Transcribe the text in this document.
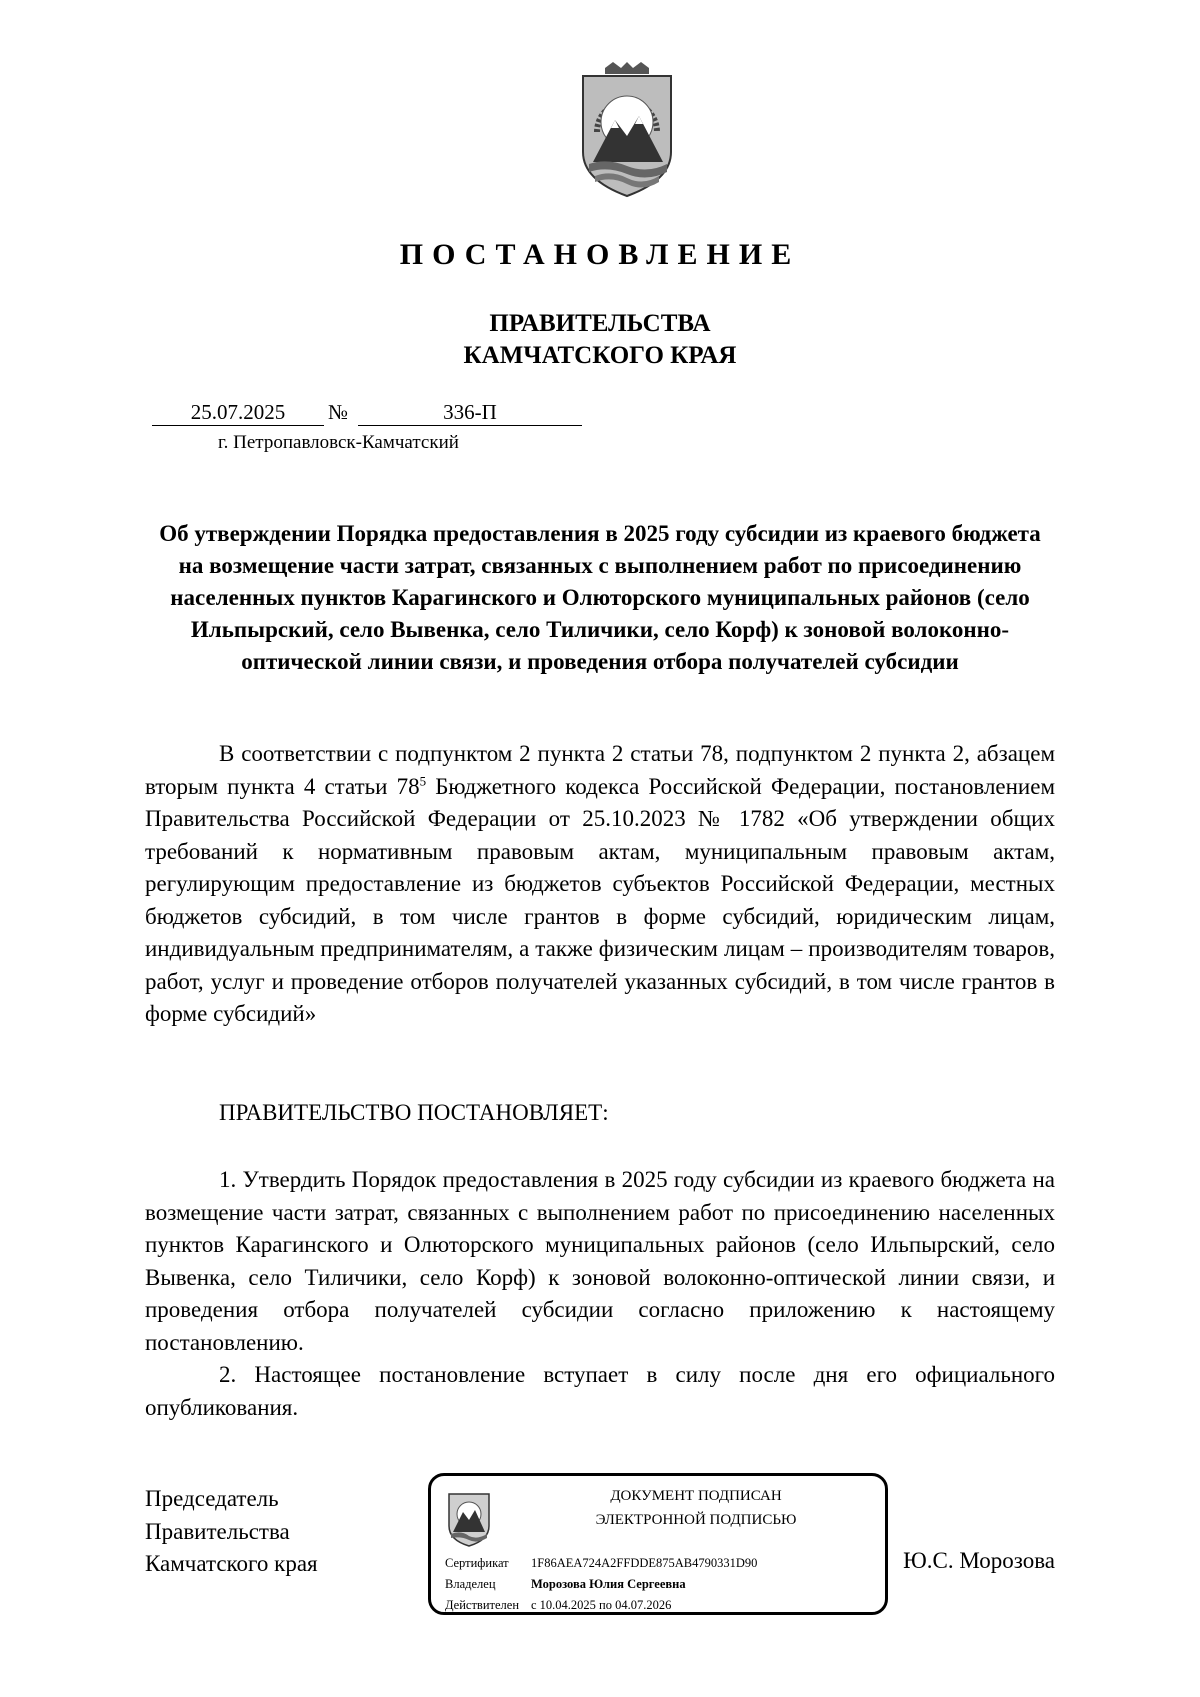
ПОСТАНОВЛЕНИЕ
ПРАВИТЕЛЬСТВА
КАМЧАТСКОГО КРАЯ
25.07.2025	№	336-П
г. Петропавловск-Камчатский
Об утверждении Порядка предоставления в 2025 году субсидии из краевого бюджета на возмещение части затрат, связанных с выполнением работ по присоединению населенных пунктов Карагинского и Олюторского муниципальных районов (село Ильпырский, село Вывенка, село Тиличики, село Корф) к зоновой волоконно-оптической линии связи, и проведения отбора получателей субсидии

В соответствии с подпунктом 2 пункта 2 статьи 78, подпунктом 2 пункта 2, абзацем вторым пункта 4 статьи $78^5$ Бюджетного кодекса Российской Федерации, постановлением Правительства Российской Федерации от 25.10.2023 № 1782 «Об утверждении общих требований к нормативным правовым актам, муниципальным правовым актам, регулирующим предоставление из бюджетов субъектов Российской Федерации, местных бюджетов субсидий, в том числе грантов в форме субсидий, юридическим лицам, индивидуальным предпринимателям, а также физическим лицам – производителям товаров, работ, услуг и проведение отборов получателей указанных субсидий, в том числе грантов в форме субсидий»

ПРАВИТЕЛЬСТВО ПОСТАНОВЛЯЕТ:

1. Утвердить Порядок предоставления в 2025 году субсидии из краевого бюджета на возмещение части затрат, связанных с выполнением работ по присоединению населенных пунктов Карагинского и Олюторского муниципальных районов (село Ильпырский, село Вывенка, село Тиличики, село Корф) к зоновой волоконно-оптической линии связи, и проведения отбора получателей субсидии согласно приложению к настоящему постановлению.

2. Настоящее постановление вступает в силу после дня его официального опубликования.

Председатель
Правительства
Камчатского края
ДОКУМЕНТ ПОДПИСАН
ЭЛЕКТРОННОЙ ПОДПИСЬЮ
Сертификат 1F86AEA724A2FFDDE875AB4790331D90
Владелец	Морозова Юлия Сергеевна
Действителен с 10.04.2025 по 04.07.2026
Ю.С. Морозова
